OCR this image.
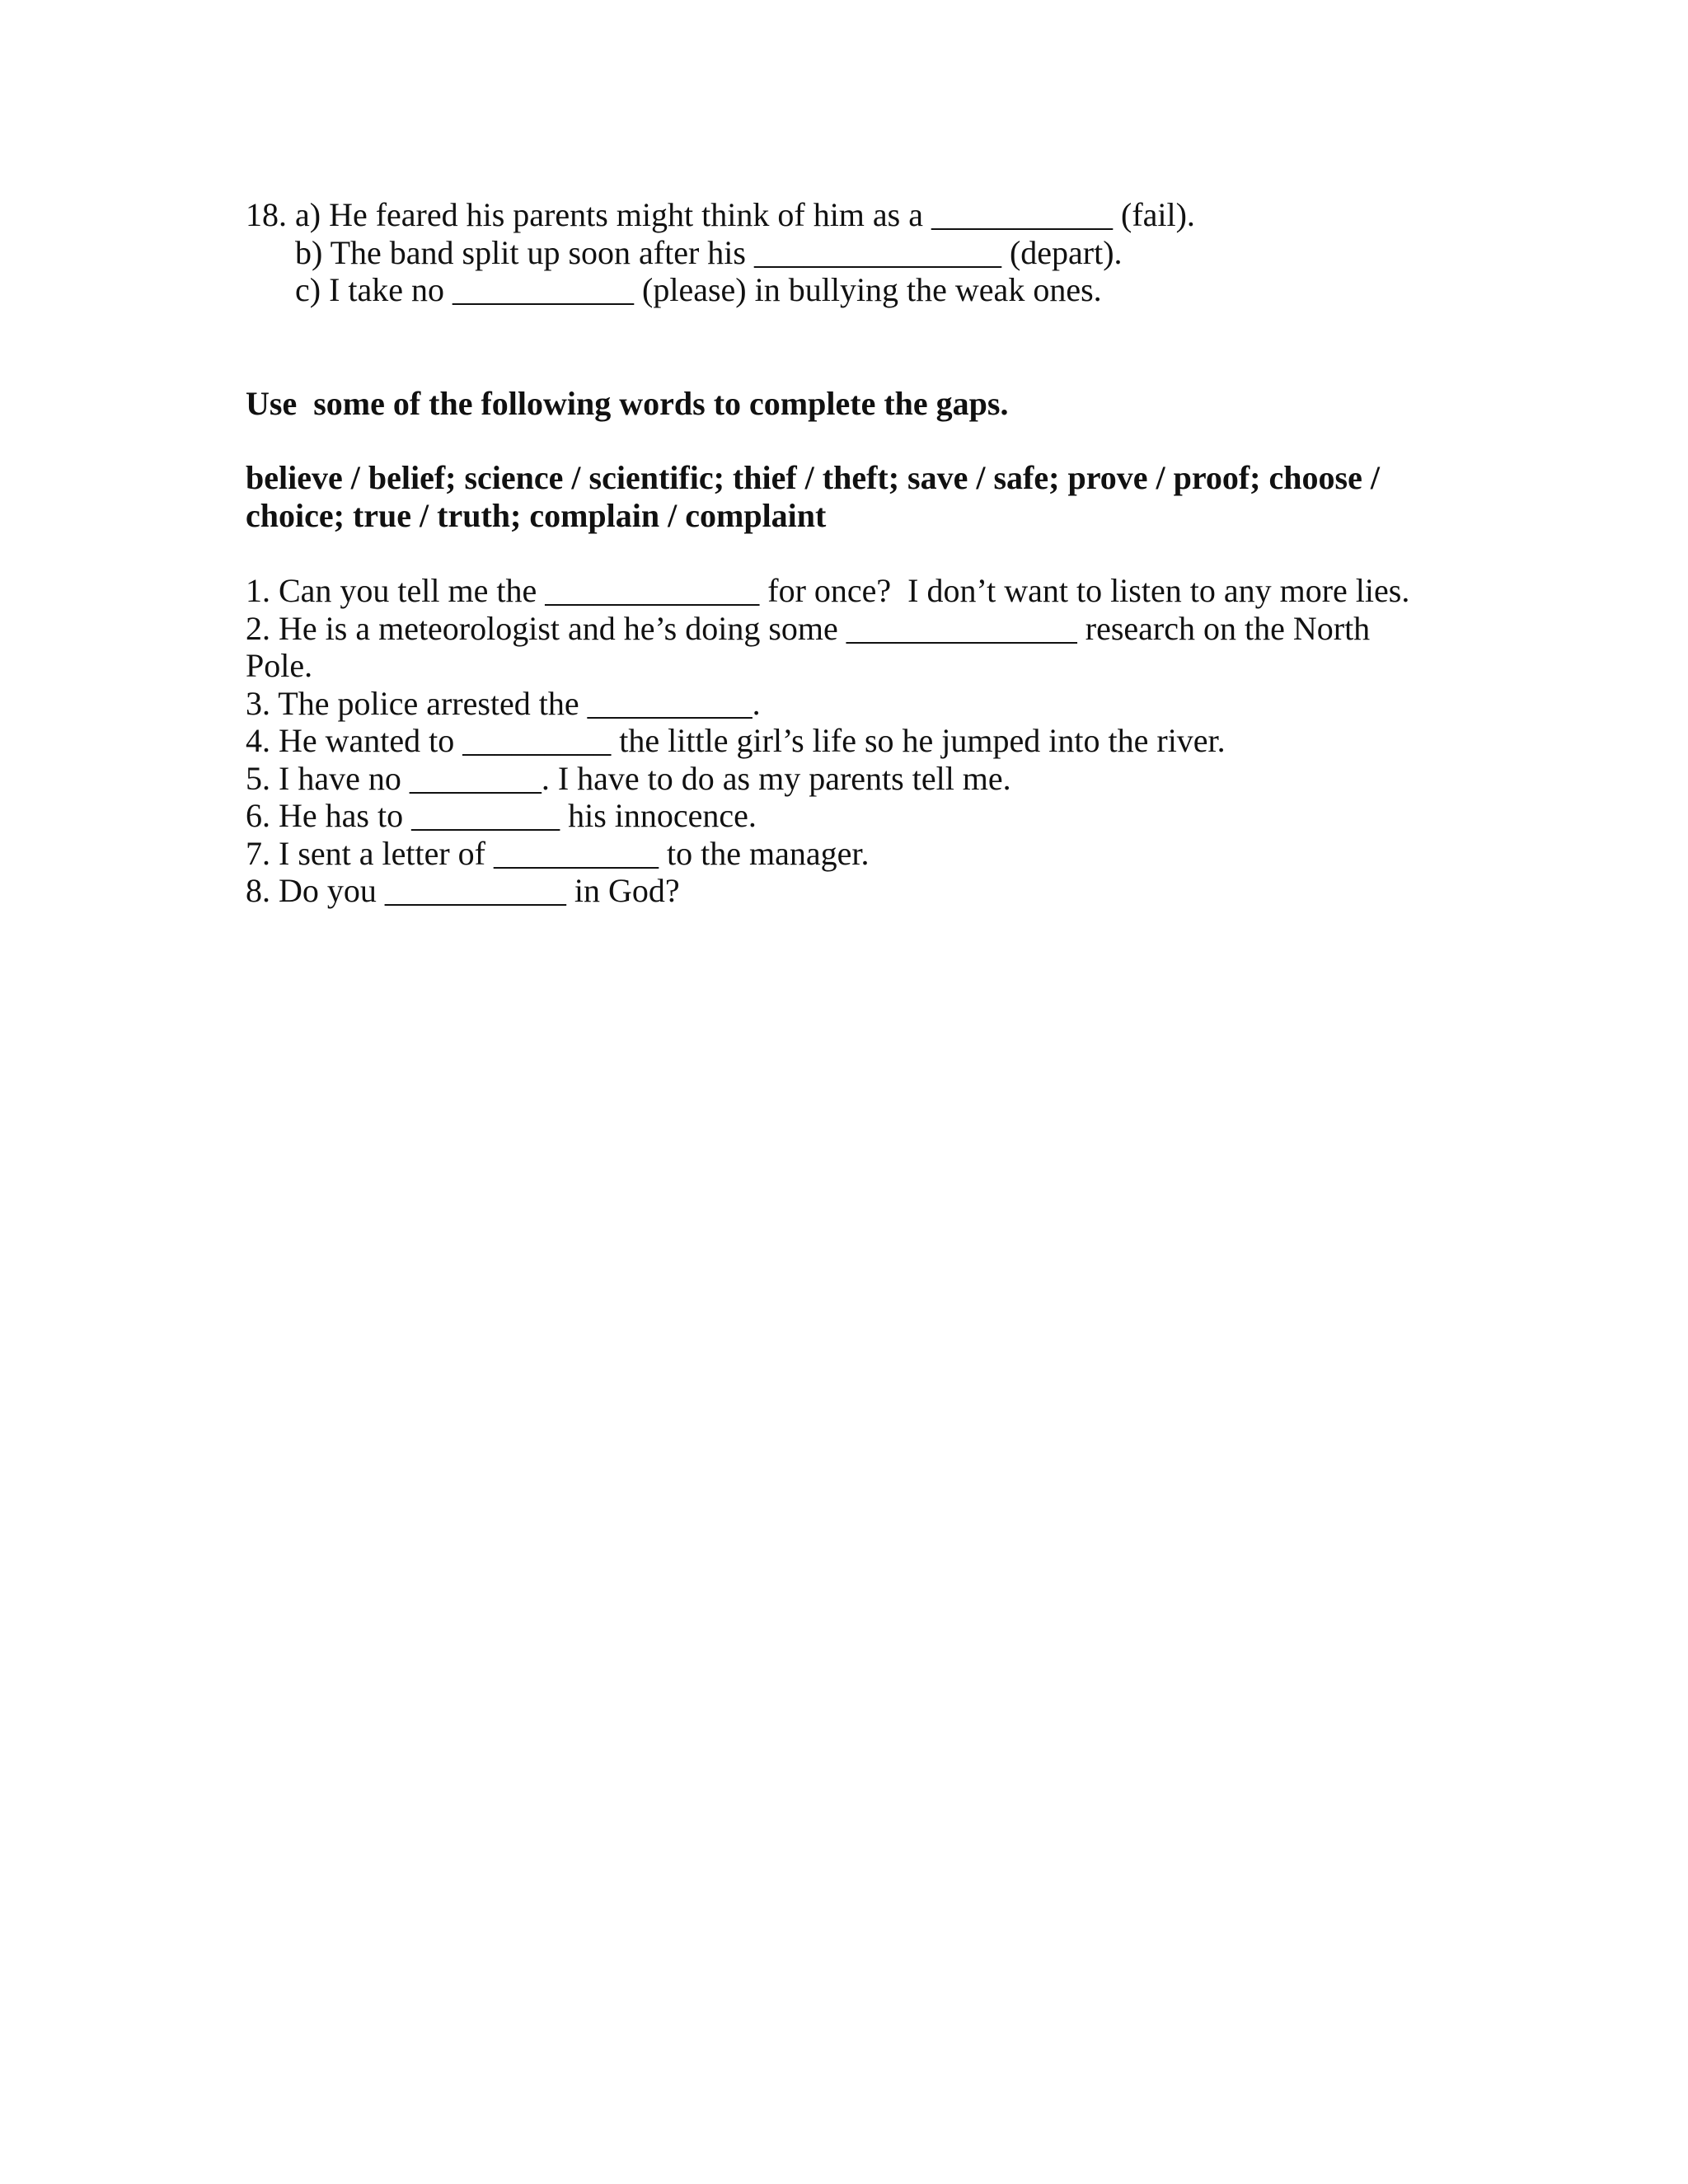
18. a) He feared his parents might think of him as a ___________ (fail).
b) The band split up soon after his _______________ (depart).
c) I take no ___________ (please) in bullying the weak ones.
Use  some of the following words to complete the gaps.
believe / belief; science / scientific; thief / theft; save / safe; prove / proof; choose / choice; true / truth; complain / complaint
1. Can you tell me the _____________ for once?  I don’t want to listen to any more lies.
2. He is a meteorologist and he’s doing some ______________ research on the North Pole.
3. The police arrested the __________.
4. He wanted to _________ the little girl’s life so he jumped into the river.
5. I have no ________. I have to do as my parents tell me.
6. He has to _________ his innocence.
7. I sent a letter of __________ to the manager.
8. Do you ___________ in God?
